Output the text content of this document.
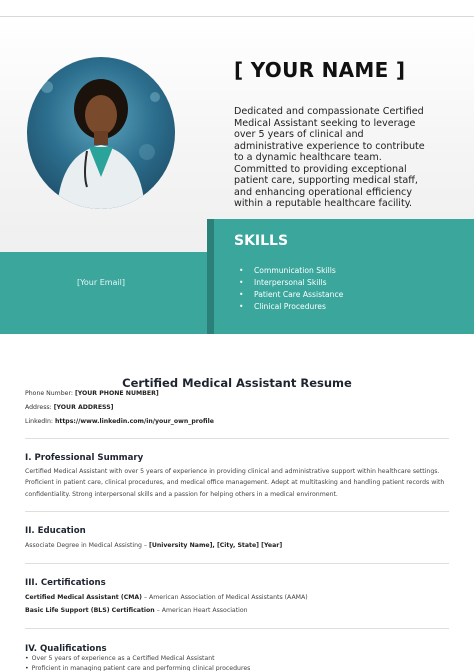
[ YOUR NAME ]
Dedicated and compassionate Certified Medical Assistant seeking to leverage over 5 years of clinical and administrative experience to contribute to a dynamic healthcare team. Committed to providing exceptional patient care, supporting medical staff, and enhancing operational efficiency within a reputable healthcare facility.
[Your Email]
SKILLS
• Communication Skills
• Interpersonal Skills
• Patient Care Assistance
• Clinical Procedures
Certified Medical Assistant Resume
Phone Number: [YOUR PHONE NUMBER]
Address: [YOUR ADDRESS]
LinkedIn: https://www.linkedin.com/in/your_own_profile
I. Professional Summary
Certified Medical Assistant with over 5 years of experience in providing clinical and administrative support within healthcare settings. Proficient in patient care, clinical procedures, and medical office management. Adept at multitasking and handling patient records with confidentiality. Strong interpersonal skills and a passion for helping others in a medical environment.
II. Education
Associate Degree in Medical Assisting – [University Name], [City, State] [Year]
III. Certifications
Certified Medical Assistant (CMA) – American Association of Medical Assistants (AAMA)
Basic Life Support (BLS) Certification – American Heart Association
IV. Qualifications
• Over 5 years of experience as a Certified Medical Assistant
• Proficient in managing patient care and performing clinical procedures
